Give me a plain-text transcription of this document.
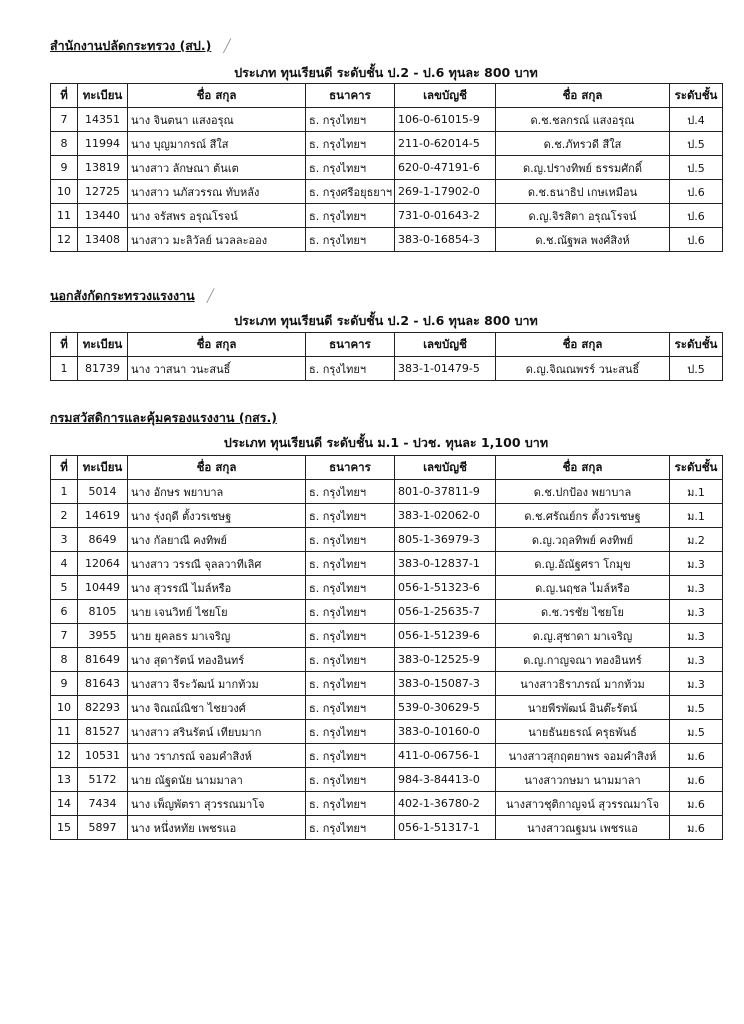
สำนักงานปลัดกระทรวง (สป.) ╱
ประเภท ทุนเรียนดี ระดับชั้น ป.2 - ป.6 ทุนละ 800 บาท
ที่	ทะเบียน	ชื่อ สกุล	ธนาคาร	เลขบัญชี	ชื่อ สกุล	ระดับชั้น
7	14351	นาง จินตนา แสงอรุณ	ธ. กรุงไทยฯ	106-0-61015-9	ด.ช.ชลกรณ์ แสงอรุณ	ป.4
8	11994	นาง บุญมากรณ์ สีใส	ธ. กรุงไทยฯ	211-0-62014-5	ด.ช.ภัทรวดี สีใส	ป.5
9	13819	นางสาว ลักษณา ต้นเต	ธ. กรุงไทยฯ	620-0-47191-6	ด.ญ.ปรางทิพย์ ธรรมศักดิ์	ป.5
10	12725	นางสาว นภัสวรรณ ทับหลัง	ธ. กรุงศรีอยุธยาฯ	269-1-17902-0	ด.ช.ธนาธิป เกษเหมือน	ป.6
11	13440	นาง จรัสพร อรุณโรจน์	ธ. กรุงไทยฯ	731-0-01643-2	ด.ญ.จิรสิตา อรุณโรจน์	ป.6
12	13408	นางสาว มะลิวัลย์ นวลละออง	ธ. กรุงไทยฯ	383-0-16854-3	ด.ช.ณัฐพล พงศ์สิงห์	ป.6
นอกสังกัดกระทรวงแรงงาน ╱
ประเภท ทุนเรียนดี ระดับชั้น ป.2 - ป.6 ทุนละ 800 บาท
ที่	ทะเบียน	ชื่อ สกุล	ธนาคาร	เลขบัญชี	ชื่อ สกุล	ระดับชั้น
1	81739	นาง วาสนา วนะสนธิ์	ธ. กรุงไทยฯ	383-1-01479-5	ด.ญ.จิณณพรร์ วนะสนธิ์	ป.5
กรมสวัสดิการและคุ้มครองแรงงาน (กสร.)
ประเภท ทุนเรียนดี ระดับชั้น ม.1 - ปวช. ทุนละ 1,100 บาท
ที่	ทะเบียน	ชื่อ สกุล	ธนาคาร	เลขบัญชี	ชื่อ สกุล	ระดับชั้น
1	5014	นาง อักษร พยาบาล	ธ. กรุงไทยฯ	801-0-37811-9	ด.ช.ปกป้อง พยาบาล	ม.1
2	14619	นาง รุ่งฤดี ตั้งวรเชษฐ	ธ. กรุงไทยฯ	383-1-02062-0	ด.ช.ศรัณย์กร ตั้งวรเชษฐ	ม.1
3	8649	นาง กัลยาณี คงทิพย์	ธ. กรุงไทยฯ	805-1-36979-3	ด.ญ.วฤลทิพย์ คงทิพย์	ม.2
4	12064	นางสาว วรรณี จุลลวาทีเลิศ	ธ. กรุงไทยฯ	383-0-12837-1	ด.ญ.อัณัฐศรา โกมุข	ม.3
5	10449	นาง สุวรรณี ไมล์หรือ	ธ. กรุงไทยฯ	056-1-51323-6	ด.ญ.นฤชล ไมล์หรือ	ม.3
6	8105	นาย เจนวิทย์ ไชยโย	ธ. กรุงไทยฯ	056-1-25635-7	ด.ช.วรชัย ไชยโย	ม.3
7	3955	นาย ยุคลธร มาเจริญ	ธ. กรุงไทยฯ	056-1-51239-6	ด.ญ.สุชาดา มาเจริญ	ม.3
8	81649	นาง สุดารัตน์ ทองอินทร์	ธ. กรุงไทยฯ	383-0-12525-9	ด.ญ.กาญจณา ทองอินทร์	ม.3
9	81643	นางสาว จีระวัฒน์ มากท้วม	ธ. กรุงไทยฯ	383-0-15087-3	นางสาวธิราภรณ์ มากท้วม	ม.3
10	82293	นาง จิณณ์ณิชา ไชยวงศ์	ธ. กรุงไทยฯ	539-0-30629-5	นายพีรพัฒน์ อินต๊ะรัตน์	ม.5
11	81527	นางสาว สรินรัตน์ เทียบมาก	ธ. กรุงไทยฯ	383-0-10160-0	นายธันยธรณ์ ครุธพันธ์	ม.5
12	10531	นาง วราภรณ์ จอมคำสิงห์	ธ. กรุงไทยฯ	411-0-06756-1	นางสาวสุกฤตยาพร จอมคำสิงห์	ม.6
13	5172	นาย ณัฐดนัย นามมาลา	ธ. กรุงไทยฯ	984-3-84413-0	นางสาวกษมา นามมาลา	ม.6
14	7434	นาง เพ็ญพัตรา สุวรรณมาโจ	ธ. กรุงไทยฯ	402-1-36780-2	นางสาวชุติกาญจน์ สุวรรณมาโจ	ม.6
15	5897	นาง หนึ่งหทัย เพชรแอ	ธ. กรุงไทยฯ	056-1-51317-1	นางสาวณฐมน เพชรแอ	ม.6
